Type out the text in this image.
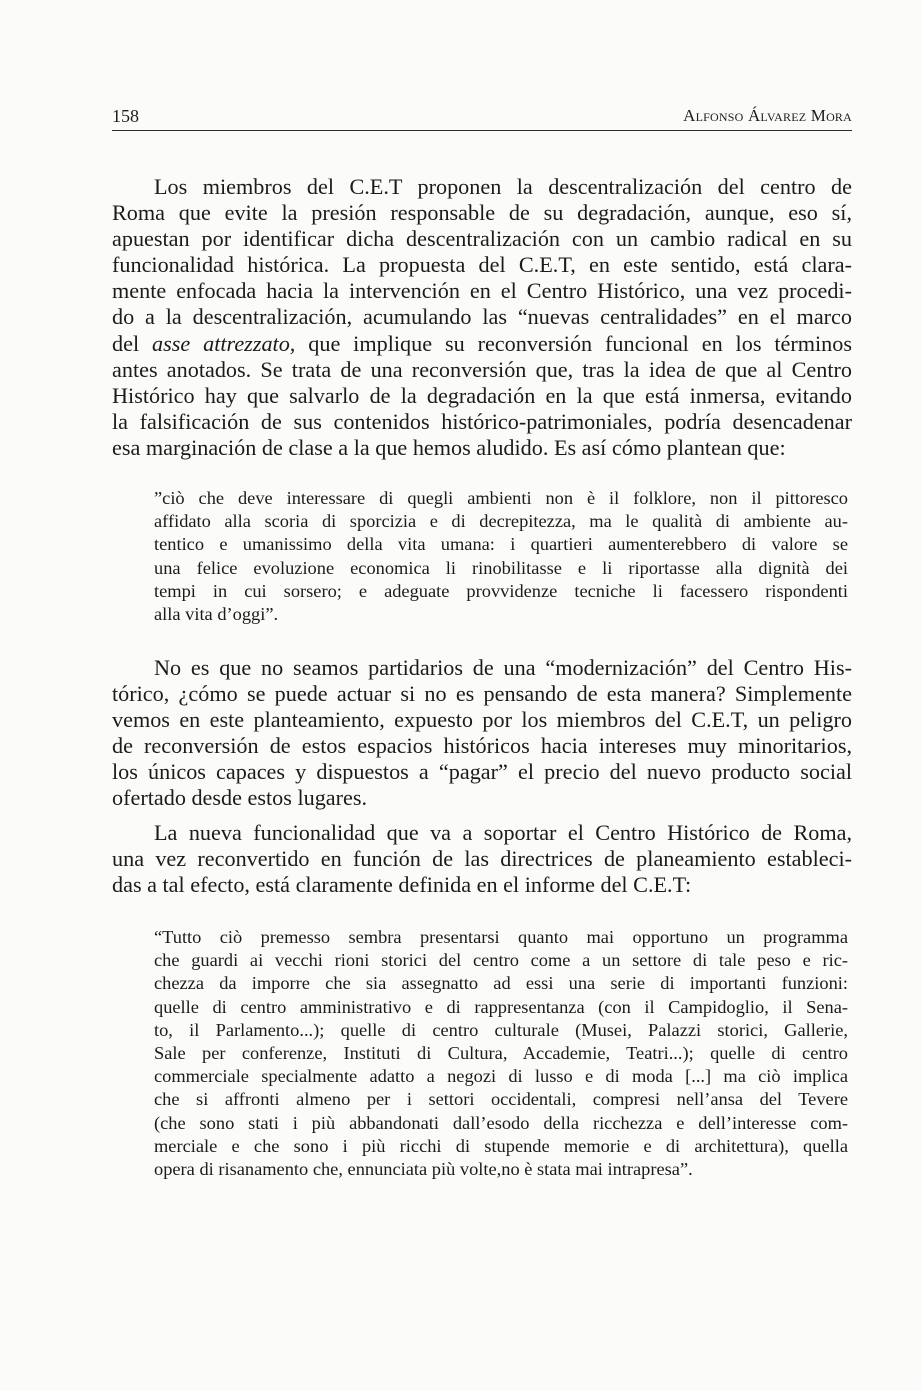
158	Alfonso Álvarez Mora
Los miembros del C.E.T proponen la descentralización del centro de
Roma que evite la presión responsable de su degradación, aunque, eso sí,
apuestan por identificar dicha descentralización con un cambio radical en su
funcionalidad histórica. La propuesta del C.E.T, en este sentido, está clara-
mente enfocada hacia la intervención en el Centro Histórico, una vez procedi-
do a la descentralización, acumulando las “nuevas centralidades” en el marco
del asse attrezzato, que implique su reconversión funcional en los términos
antes anotados. Se trata de una reconversión que, tras la idea de que al Centro
Histórico hay que salvarlo de la degradación en la que está inmersa, evitando
la falsificación de sus contenidos histórico-patrimoniales, podría desencadenar
esa marginación de clase a la que hemos aludido. Es así cómo plantean que:
”ciò che deve interessare di quegli ambienti non è il folklore, non il pittoresco
affidato alla scoria di sporcizia e di decrepitezza, ma le qualità di ambiente au-
tentico e umanissimo della vita umana: i quartieri aumenterebbero di valore se
una felice evoluzione economica li rinobilitasse e li riportasse alla dignità dei
tempi in cui sorsero; e adeguate provvidenze tecniche li facessero rispondenti
alla vita d’oggi”.
No es que no seamos partidarios de una “modernización” del Centro His-
tórico, ¿cómo se puede actuar si no es pensando de esta manera? Simplemente
vemos en este planteamiento, expuesto por los miembros del C.E.T, un peligro
de reconversión de estos espacios históricos hacia intereses muy minoritarios,
los únicos capaces y dispuestos a “pagar” el precio del nuevo producto social
ofertado desde estos lugares.
La nueva funcionalidad que va a soportar el Centro Histórico de Roma,
una vez reconvertido en función de las directrices de planeamiento estableci-
das a tal efecto, está claramente definida en el informe del C.E.T:
“Tutto ciò premesso sembra presentarsi quanto mai opportuno un programma
che guardi ai vecchi rioni storici del centro come a un settore di tale peso e ric-
chezza da imporre che sia assegnatto ad essi una serie di importanti funzioni:
quelle di centro amministrativo e di rappresentanza (con il Campidoglio, il Sena-
to, il Parlamento...); quelle di centro culturale (Musei, Palazzi storici, Gallerie,
Sale per conferenze, Instituti di Cultura, Accademie, Teatri...); quelle di centro
commerciale specialmente adatto a negozi di lusso e di moda [...] ma ciò implica
che si affronti almeno per i settori occidentali, compresi nell’ansa del Tevere
(che sono stati i più abbandonati dall’esodo della ricchezza e dell’interesse com-
merciale e che sono i più ricchi di stupende memorie e di architettura), quella
opera di risanamento che, ennunciata più volte,no è stata mai intrapresa”.
